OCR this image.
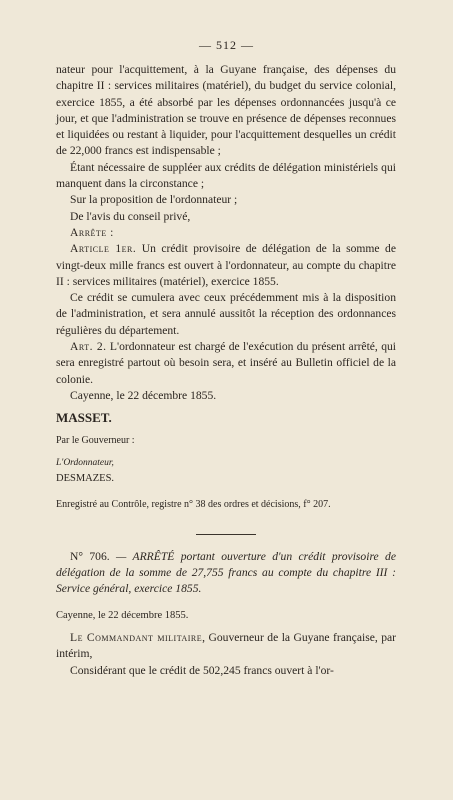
— 512 —

nateur pour l'acquittement, à la Guyane française, des dépenses du chapitre II : services militaires (matériel), du budget du service colonial, exercice 1855, a été absorbé par les dépenses ordonnancées jusqu'à ce jour, et que l'administration se trouve en présence de dépenses reconnues et liquidées ou restant à liquider, pour l'acquittement desquelles un crédit de 22,000 francs est indispensable ;

Étant nécessaire de suppléer aux crédits de délégation ministériels qui manquent dans la circonstance ;

Sur la proposition de l'ordonnateur ;

De l'avis du conseil privé,

Arrête :

Article 1er. Un crédit provisoire de délégation de la somme de vingt-deux mille francs est ouvert à l'ordonnateur, au compte du chapitre II : services militaires (matériel), exercice 1855.

Ce crédit se cumulera avec ceux précédemment mis à la disposition de l'administration, et sera annulé aussitôt la réception des ordonnances régulières du département.

Art. 2. L'ordonnateur est chargé de l'exécution du présent arrêté, qui sera enregistré partout où besoin sera, et inséré au Bulletin officiel de la colonie.

Cayenne, le 22 décembre 1855.

MASSET.

Par le Gouverneur :

L'Ordonnateur,

DESMAZES.

Enregistré au Contrôle, registre n° 38 des ordres et décisions, f° 207.

N° 706. — ARRÊTÉ portant ouverture d'un crédit provisoire de délégation de la somme de 27,755 francs au compte du chapitre III : Service général, exercice 1855.

Cayenne, le 22 décembre 1855.

Le Commandant militaire, Gouverneur de la Guyane française, par intérim,

Considérant que le crédit de 502,245 francs ouvert à l'or-
